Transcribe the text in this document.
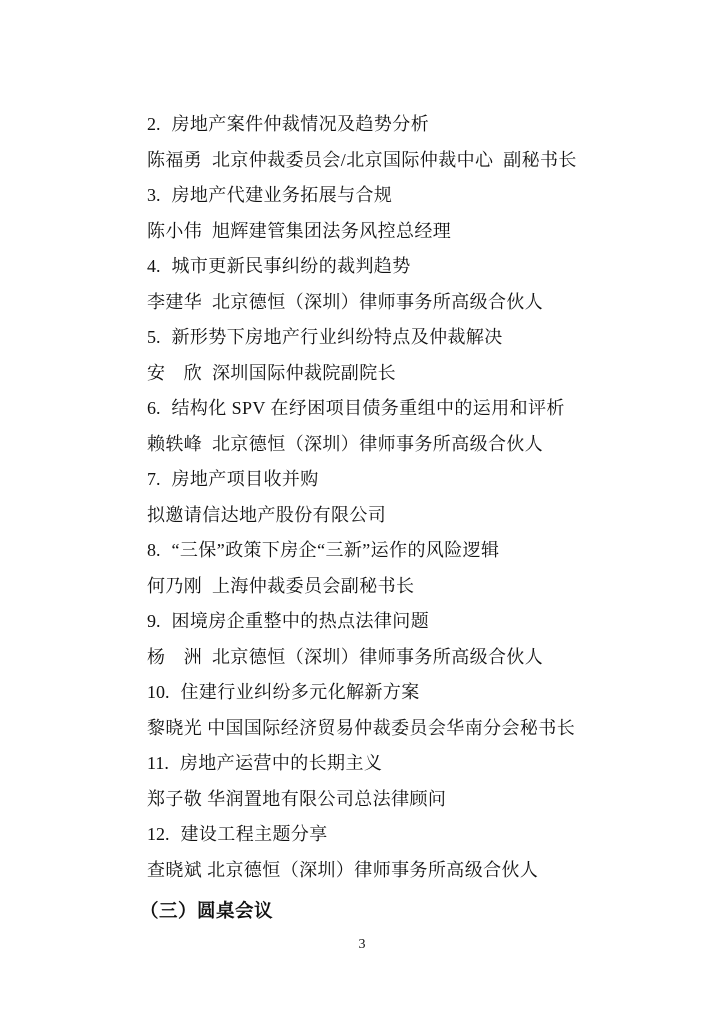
2. 房地产案件仲裁情况及趋势分析
陈福勇  北京仲裁委员会/北京国际仲裁中心  副秘书长
3. 房地产代建业务拓展与合规
陈小伟  旭辉建管集团法务风控总经理
4. 城市更新民事纠纷的裁判趋势
李建华  北京德恒（深圳）律师事务所高级合伙人
5. 新形势下房地产行业纠纷特点及仲裁解决
安　欣  深圳国际仲裁院副院长
6. 结构化 SPV 在纾困项目债务重组中的运用和评析
赖轶峰  北京德恒（深圳）律师事务所高级合伙人
7. 房地产项目收并购
拟邀请信达地产股份有限公司
8. “三保”政策下房企“三新”运作的风险逻辑
何乃刚  上海仲裁委员会副秘书长
9. 困境房企重整中的热点法律问题
杨　洲  北京德恒（深圳）律师事务所高级合伙人
10. 住建行业纠纷多元化解新方案
黎晓光 中国国际经济贸易仲裁委员会华南分会秘书长
11. 房地产运营中的长期主义
郑子敬 华润置地有限公司总法律顾问
12. 建设工程主题分享
查晓斌 北京德恒（深圳）律师事务所高级合伙人
（三）圆桌会议
3
